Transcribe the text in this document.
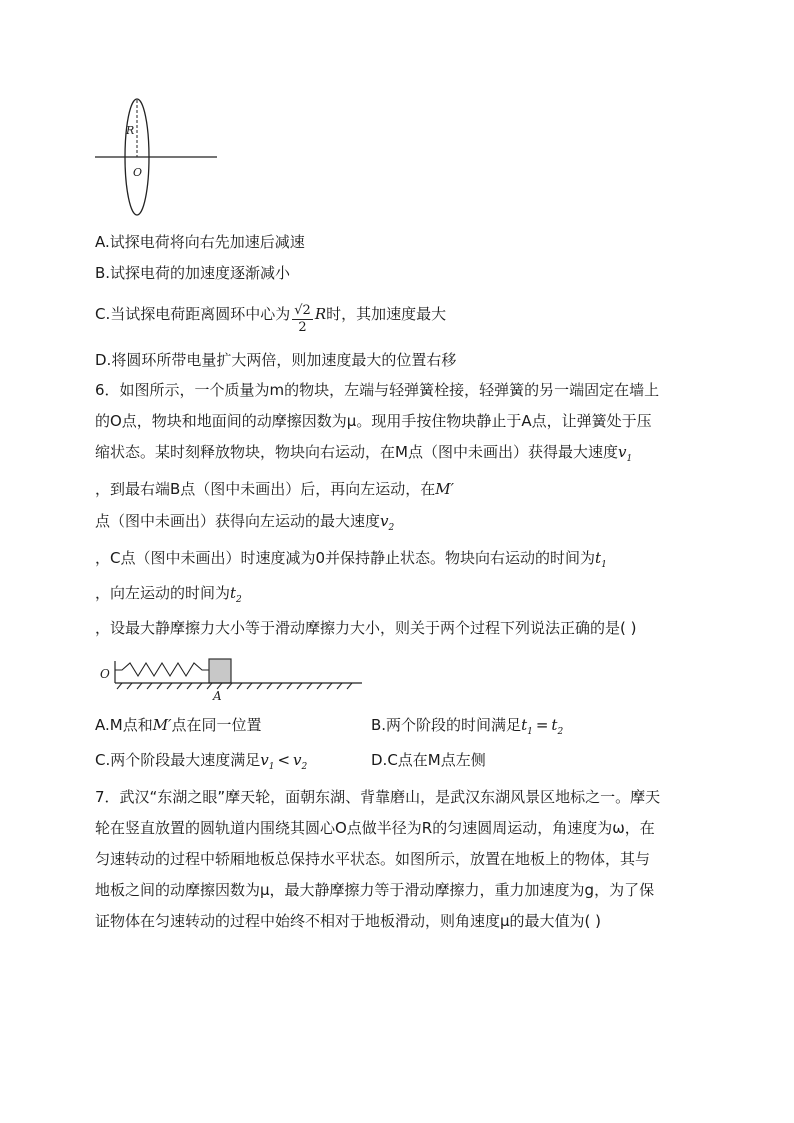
R
O
A.试探电荷将向右先加速后减速
B.试探电荷的加速度逐渐减小
C.当试探电荷距离圆环中心为 $\frac{√2}{2}$ R时，其加速度最大
D.将圆环所带电量扩大两倍，则加速度最大的位置右移
6．如图所示，一个质量为m的物块，左端与轻弹簧栓接，轻弹簧的另一端固定在墙上
的O点，物块和地面间的动摩擦因数为μ。现用手按住物块静止于A点，让弹簧处于压
缩状态。某时刻释放物块，物块向右运动，在M点（图中未画出）获得最大速度$v_1$
，到最右端B点（图中未画出）后，再向左运动，在M′
点（图中未画出）获得向左运动的最大速度$v_2$
，C点（图中未画出）时速度减为0并保持静止状态。物块向右运动的时间为$t_1$
，向左运动的时间为$t_2$
，设最大静摩擦力大小等于滑动摩擦力大小，则关于两个过程下列说法正确的是( )
O
A
A.M点和M′点在同一位置	B.两个阶段的时间满足$t_1 = t_2$
C.两个阶段最大速度满足$v_1 < v_2$	D.C点在M点左侧
7．武汉“东湖之眼”摩天轮，面朝东湖、背靠磨山，是武汉东湖风景区地标之一。摩天
轮在竖直放置的圆轨道内围绕其圆心O点做半径为R的匀速圆周运动，角速度为ω，在
匀速转动的过程中轿厢地板总保持水平状态。如图所示，放置在地板上的物体，其与
地板之间的动摩擦因数为μ，最大静摩擦力等于滑动摩擦力，重力加速度为g，为了保
证物体在匀速转动的过程中始终不相对于地板滑动，则角速度μ的最大值为( )
